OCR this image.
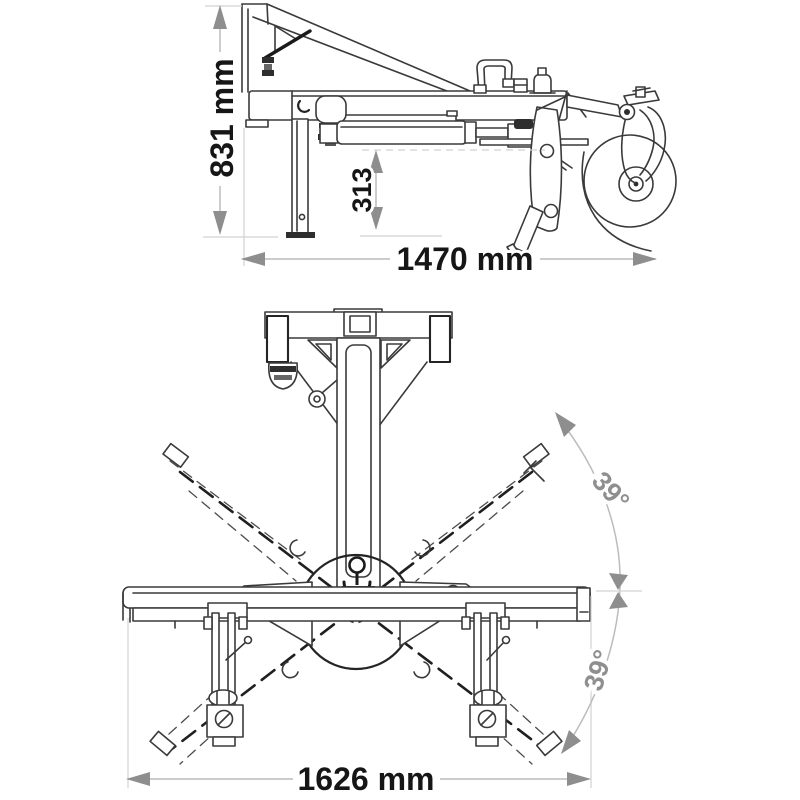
831 mm
313
1470 mm
1626 mm
39°
39°
